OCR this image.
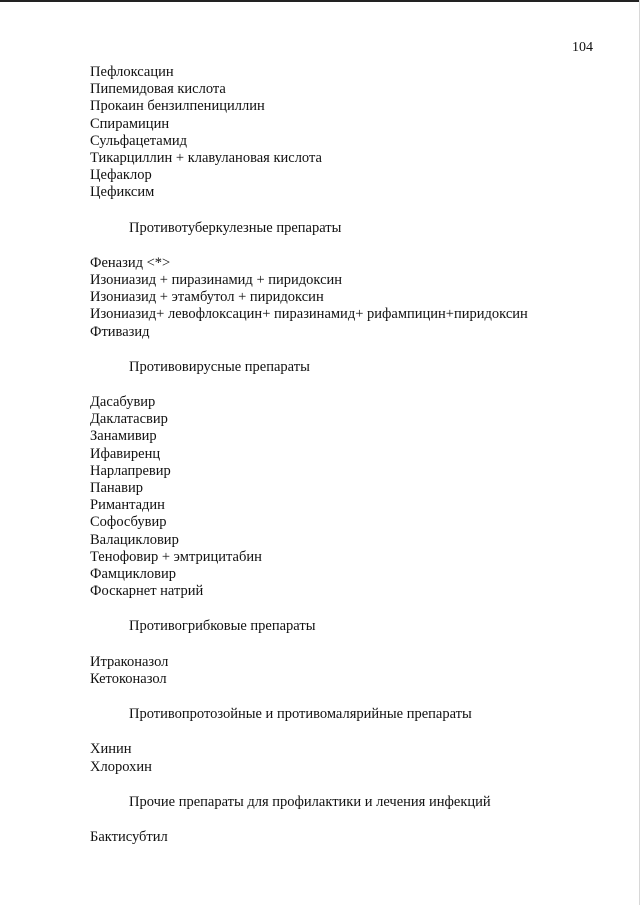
104
Пефлоксацин
Пипемидовая кислота
Прокаин бензилпенициллин
Спирамицин
Сульфацетамид
Тикарциллин + клавулановая кислота
Цефаклор
Цефиксим
Противотуберкулезные препараты
Феназид <*>
Изониазид + пиразинамид + пиридоксин
Изониазид + этамбутол + пиридоксин
Изониазид+ левофлоксацин+ пиразинамид+ рифампицин+пиридоксин
Фтивазид
Противовирусные препараты
Дасабувир
Даклатасвир
Занамивир
Ифавиренц
Нарлапревир
Панавир
Римантадин
Софосбувир
Валацикловир
Тенофовир + эмтрицитабин
Фамцикловир
Фоскарнет натрий
Противогрибковые препараты
Итраконазол
Кетоконазол
Противопротозойные и противомалярийные препараты
Хинин
Хлорохин
Прочие препараты для профилактики и лечения инфекций
Бактисубтил
